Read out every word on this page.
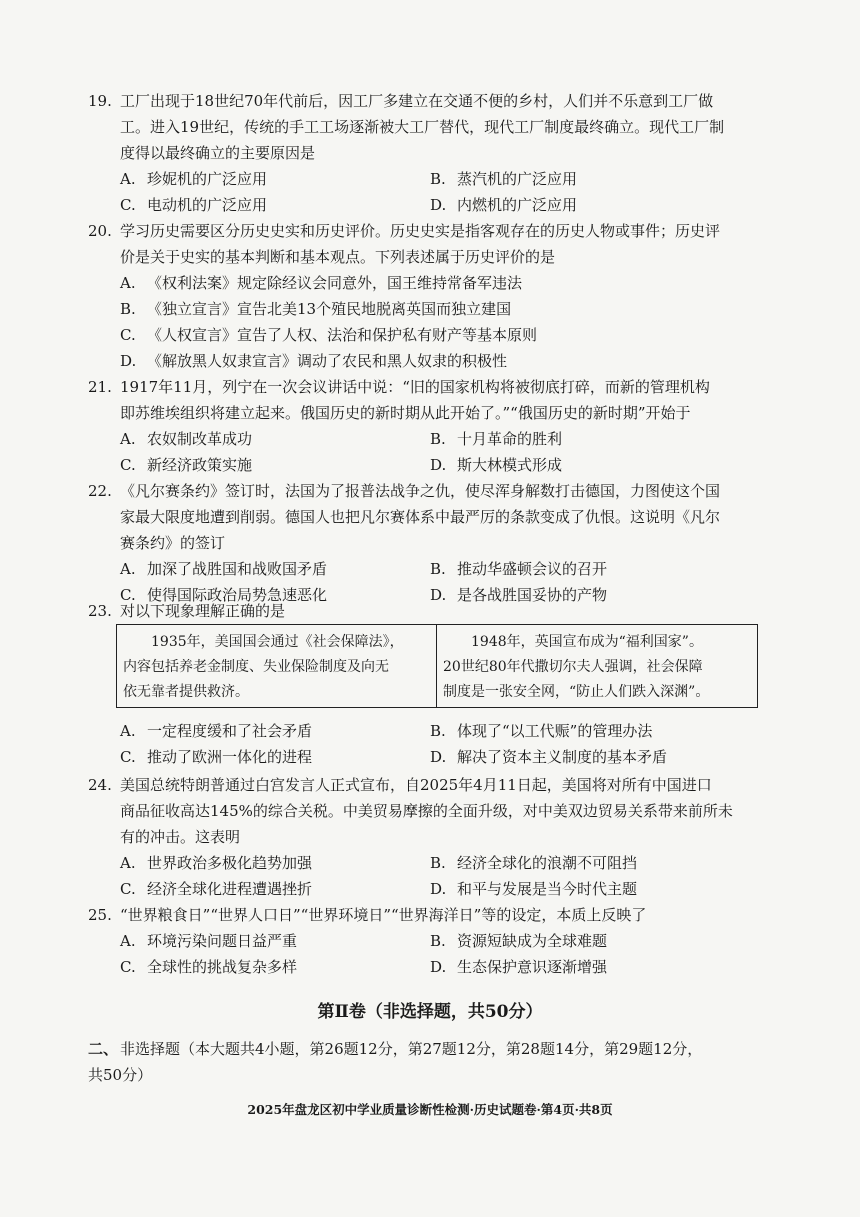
19. 工厂出现于18世纪70年代前后，因工厂多建立在交通不便的乡村，人们并不乐意到工厂做
工。进入19世纪，传统的手工工场逐渐被大工厂替代，现代工厂制度最终确立。现代工厂制
度得以最终确立的主要原因是
A. 珍妮机的广泛应用	B. 蒸汽机的广泛应用
C. 电动机的广泛应用	D. 内燃机的广泛应用
20. 学习历史需要区分历史史实和历史评价。历史史实是指客观存在的历史人物或事件；历史评
价是关于史实的基本判断和基本观点。下列表述属于历史评价的是
A. 《权利法案》规定除经议会同意外，国王维持常备军违法
B. 《独立宣言》宣告北美13个殖民地脱离英国而独立建国
C. 《人权宣言》宣告了人权、法治和保护私有财产等基本原则
D. 《解放黑人奴隶宣言》调动了农民和黑人奴隶的积极性
21. 1917年11月，列宁在一次会议讲话中说：“旧的国家机构将被彻底打碎，而新的管理机构
即苏维埃组织将建立起来。俄国历史的新时期从此开始了。”“俄国历史的新时期”开始于
A. 农奴制改革成功	B. 十月革命的胜利
C. 新经济政策实施	D. 斯大林模式形成
22. 《凡尔赛条约》签订时，法国为了报普法战争之仇，使尽浑身解数打击德国，力图使这个国
家最大限度地遭到削弱。德国人也把凡尔赛体系中最严厉的条款变成了仇恨。这说明《凡尔
赛条约》的签订
A. 加深了战胜国和战败国矛盾	B. 推动华盛顿会议的召开
C. 使得国际政治局势急速恶化	D. 是各战胜国妥协的产物
23. 对以下现象理解正确的是
1935年，美国国会通过《社会保障法》，
内容包括养老金制度、失业保险制度及向无
依无靠者提供救济。
1948年，英国宣布成为“福利国家”。
20世纪80年代撒切尔夫人强调，社会保障
制度是一张安全网，“防止人们跌入深渊”。
A. 一定程度缓和了社会矛盾	B. 体现了“以工代赈”的管理办法
C. 推动了欧洲一体化的进程	D. 解决了资本主义制度的基本矛盾
24. 美国总统特朗普通过白宫发言人正式宣布，自2025年4月11日起，美国将对所有中国进口
商品征收高达145%的综合关税。中美贸易摩擦的全面升级，对中美双边贸易关系带来前所未
有的冲击。这表明
A. 世界政治多极化趋势加强	B. 经济全球化的浪潮不可阻挡
C. 经济全球化进程遭遇挫折	D. 和平与发展是当今时代主题
25. “世界粮食日”“世界人口日”“世界环境日”“世界海洋日”等的设定，本质上反映了
A. 环境污染问题日益严重	B. 资源短缺成为全球难题
C. 全球性的挑战复杂多样	D. 生态保护意识逐渐增强
第Ⅱ卷（非选择题，共50分）
二、 非选择题（本大题共4小题，第26题12分，第27题12分，第28题14分，第29题12分，
共50分）
2025年盘龙区初中学业质量诊断性检测·历史试题卷·第4页·共8页
